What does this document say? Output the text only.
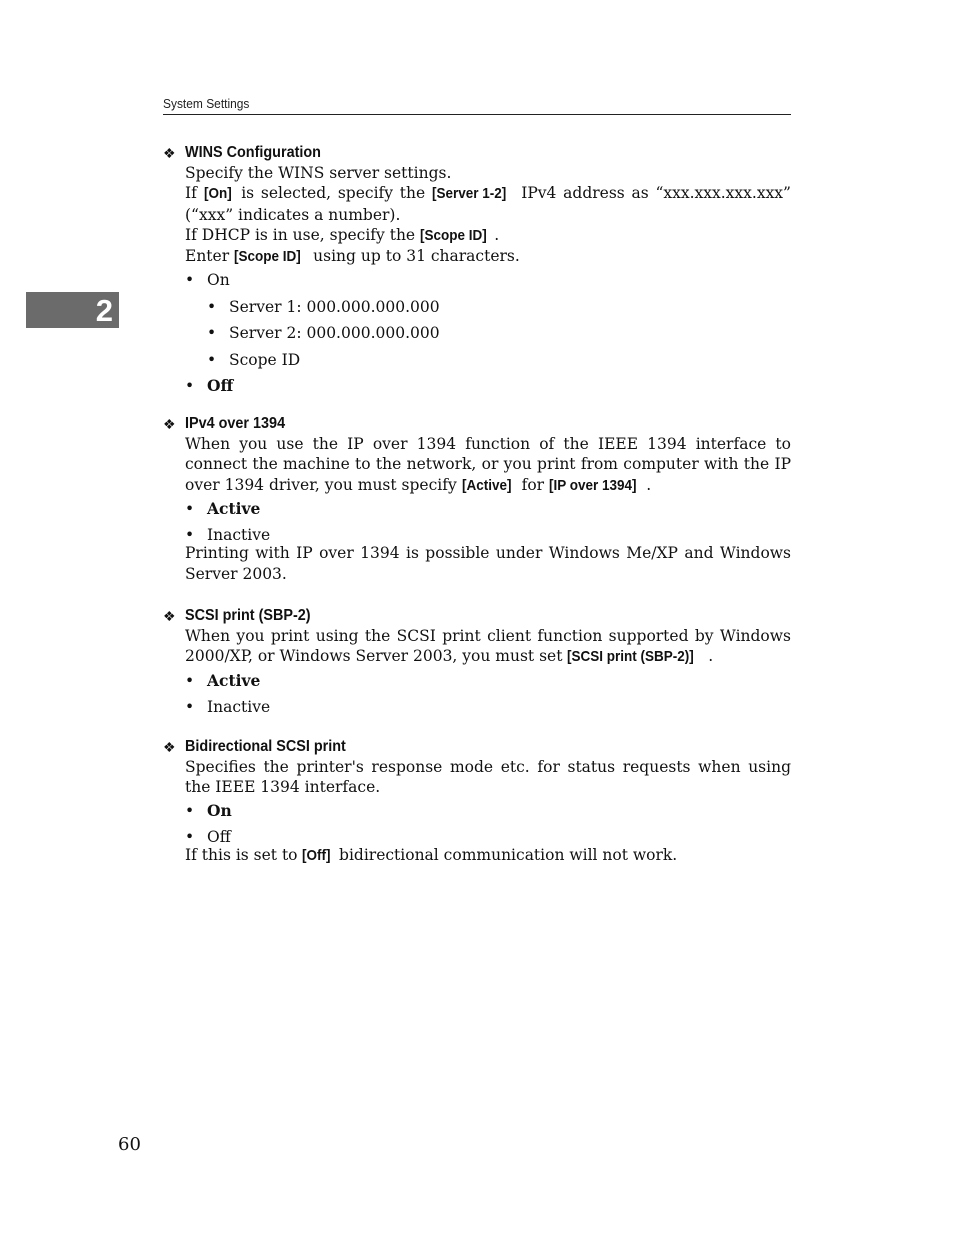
System Settings
2
❖ WINS Configuration

Specify the WINS server settings.

If [On] is selected, specify the [Server 1-2] IPv4 address as “xxx.xxx.xxx.xxx” (“xxx” indicates a number).

If DHCP is in use, specify the [Scope ID] .

Enter [Scope ID] using up to 31 characters.

• On
• Server 1: 000.000.000.000
• Server 2: 000.000.000.000
• Scope ID
• Off
❖ IPv4 over 1394

When you use the IP over 1394 function of the IEEE 1394 interface to connect the machine to the network, or you print from computer with the IP over 1394 driver, you must specify [Active] for [IP over 1394] .

• Active
• Inactive

Printing with IP over 1394 is possible under Windows Me/XP and Windows Server 2003.

❖ SCSI print (SBP-2)

When you print using the SCSI print client function supported by Windows 2000/XP, or Windows Server 2003, you must set [SCSI print (SBP-2)] .

• Active
• Inactive
❖ Bidirectional SCSI print

Specifies the printer's response mode etc. for status requests when using the IEEE 1394 interface.

• On
• Off

If this is set to [Off] bidirectional communication will not work.

60
